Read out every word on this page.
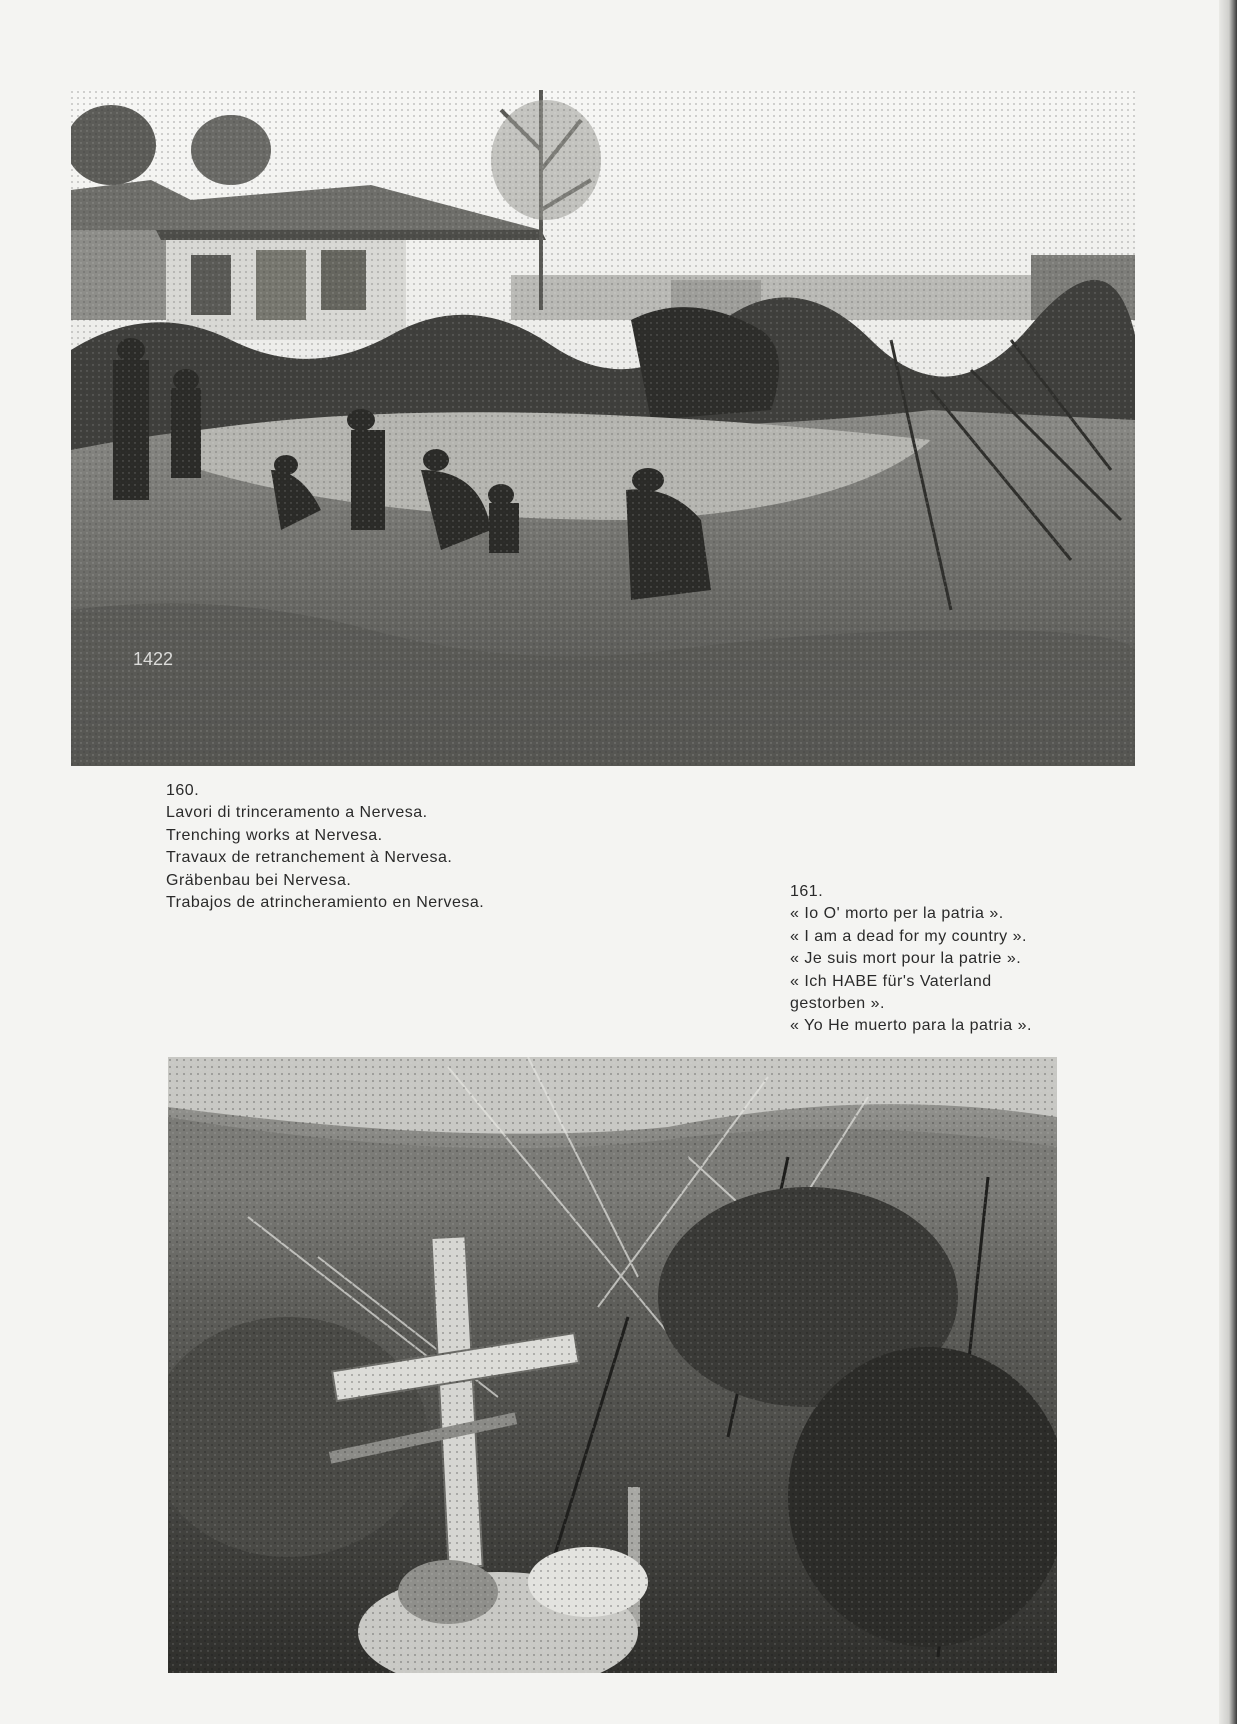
1422
160.
Lavori di trinceramento a Nervesa.
Trenching works at Nervesa.
Travaux de retranchement à Nervesa.
Gräbenbau bei Nervesa.
Trabajos de atrincheramiento en Nervesa.
161.
« Io O' morto per la patria ».
« I am a dead for my country ».
« Je suis mort pour la patrie ».
« Ich HABE für's Vaterland
gestorben ».
« Yo He muerto para la patria ».
